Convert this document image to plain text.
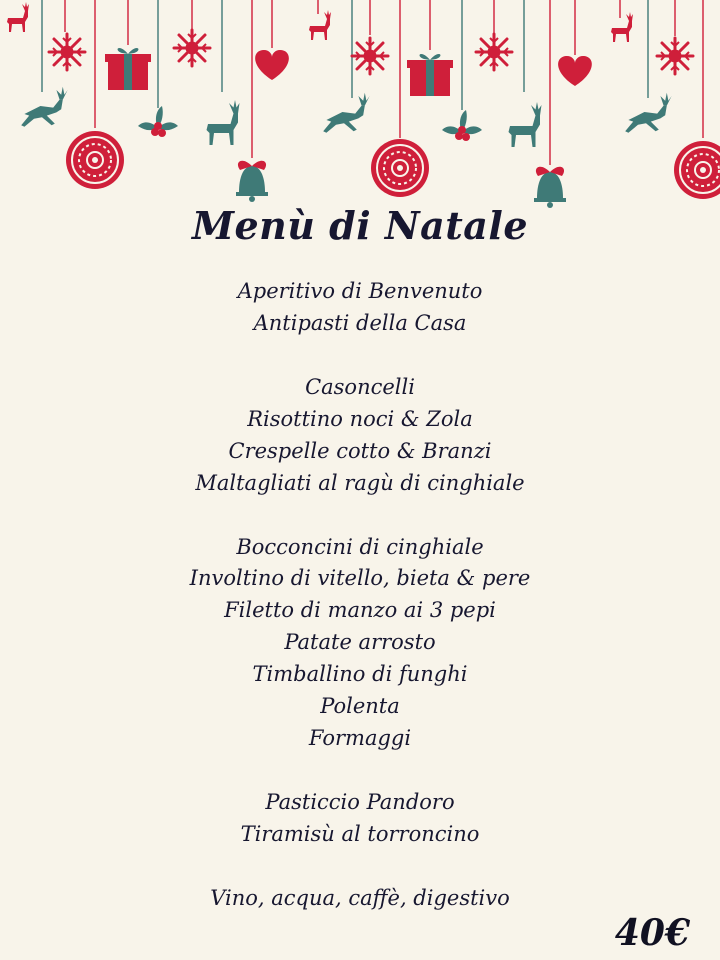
Menù di Natale
Aperitivo di Benvenuto
Antipasti della Casa
Casoncelli
Risottino noci & Zola
Crespelle cotto & Branzi
Maltagliati al ragù di cinghiale
Bocconcini di cinghiale
Involtino di vitello, bieta & pere
Filetto di manzo ai 3 pepi
Patate arrosto
Timballino di funghi
Polenta
Formaggi
Pasticcio Pandoro
Tiramisù al torroncino
Vino, acqua, caffè, digestivo
40€
